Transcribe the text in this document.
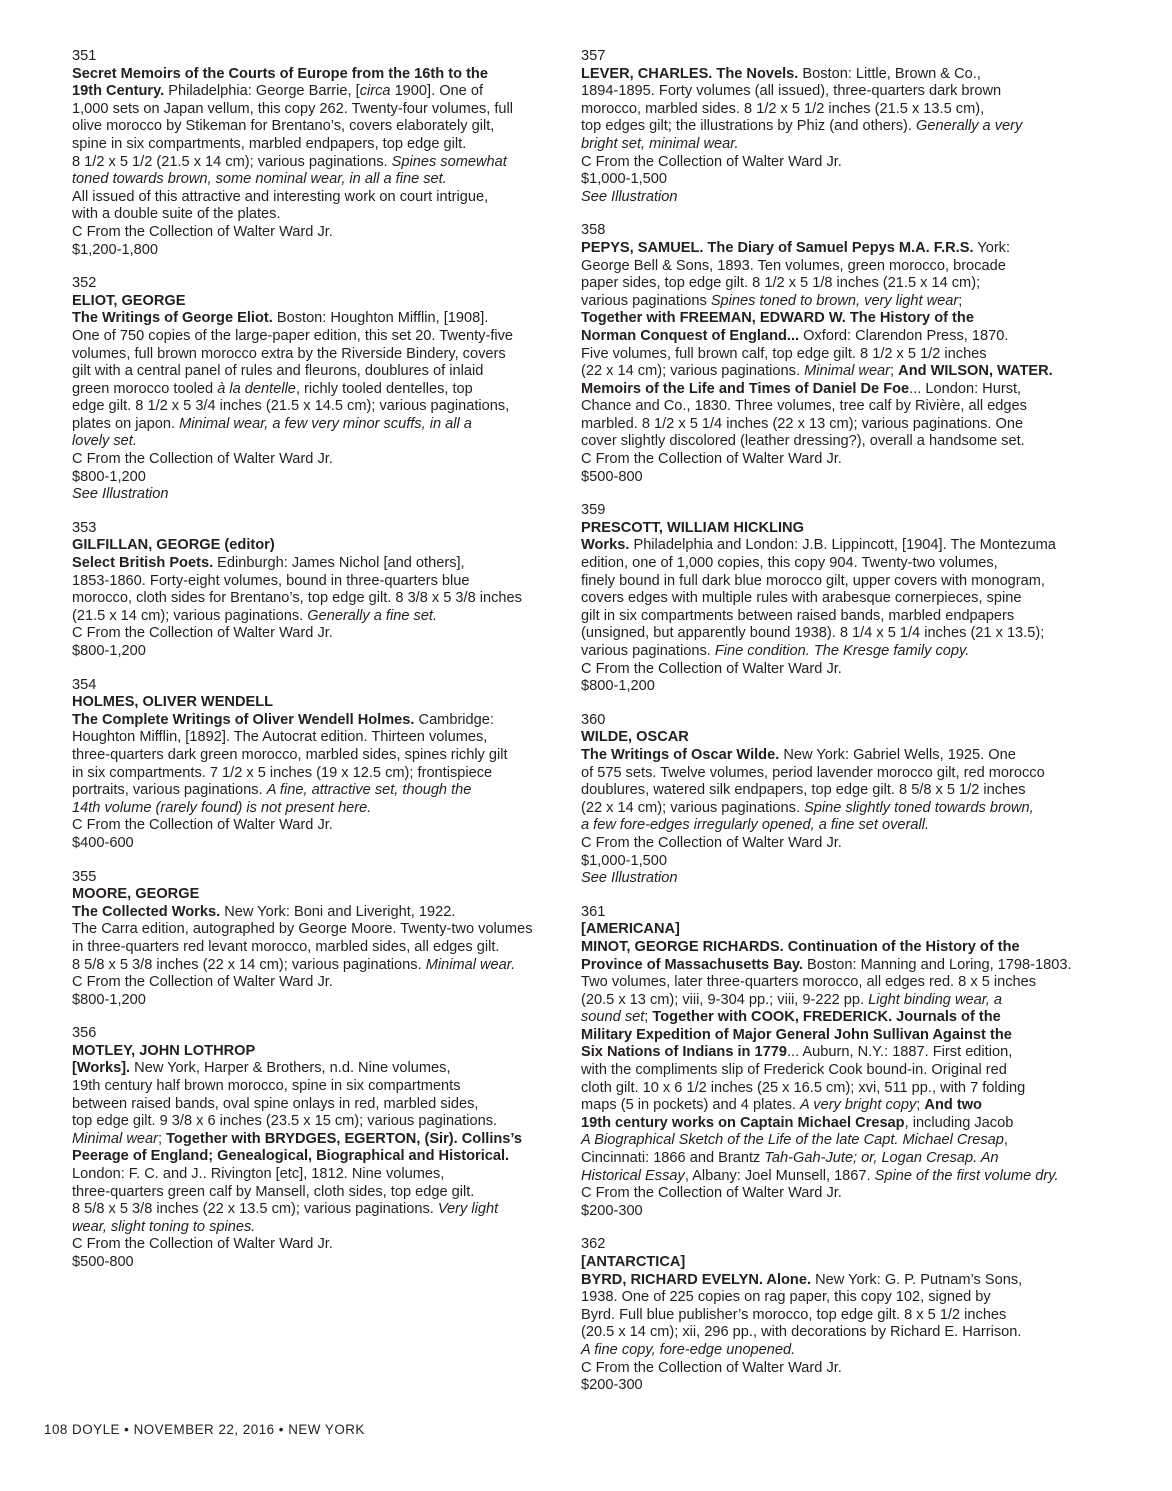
351
Secret Memoirs of the Courts of Europe from the 16th to the
19th Century. Philadelphia: George Barrie, [circa 1900]. One of
1,000 sets on Japan vellum, this copy 262. Twenty-four volumes, full
olive morocco by Stikeman for Brentano’s, covers elaborately gilt,
spine in six compartments, marbled endpapers, top edge gilt.
8 1/2 x 5 1/2 (21.5 x 14 cm); various paginations. Spines somewhat
toned towards brown, some nominal wear, in all a fine set.
All issued of this attractive and interesting work on court intrigue,
with a double suite of the plates.
C From the Collection of Walter Ward Jr.
$1,200-1,800
352
ELIOT, GEORGE
The Writings of George Eliot. Boston: Houghton Mifflin, [1908].
One of 750 copies of the large-paper edition, this set 20. Twenty-five
volumes, full brown morocco extra by the Riverside Bindery, covers
gilt with a central panel of rules and fleurons, doublures of inlaid
green morocco tooled à la dentelle, richly tooled dentelles, top
edge gilt. 8 1/2 x 5 3/4 inches (21.5 x 14.5 cm); various paginations,
plates on japon. Minimal wear, a few very minor scuffs, in all a
lovely set.
C From the Collection of Walter Ward Jr.
$800-1,200
See Illustration
353
GILFILLAN, GEORGE (editor)
Select British Poets. Edinburgh: James Nichol [and others],
1853-1860. Forty-eight volumes, bound in three-quarters blue
morocco, cloth sides for Brentano’s, top edge gilt. 8 3/8 x 5 3/8 inches
(21.5 x 14 cm); various paginations. Generally a fine set.
C From the Collection of Walter Ward Jr.
$800-1,200
354
HOLMES, OLIVER WENDELL
The Complete Writings of Oliver Wendell Holmes. Cambridge:
Houghton Mifflin, [1892]. The Autocrat edition. Thirteen volumes,
three-quarters dark green morocco, marbled sides, spines richly gilt
in six compartments. 7 1/2 x 5 inches (19 x 12.5 cm); frontispiece
portraits, various paginations. A fine, attractive set, though the
14th volume (rarely found) is not present here.
C From the Collection of Walter Ward Jr.
$400-600
355
MOORE, GEORGE
The Collected Works. New York: Boni and Liveright, 1922.
The Carra edition, autographed by George Moore. Twenty-two volumes
in three-quarters red levant morocco, marbled sides, all edges gilt.
8 5/8 x 5 3/8 inches (22 x 14 cm); various paginations. Minimal wear.
C From the Collection of Walter Ward Jr.
$800-1,200
356
MOTLEY, JOHN LOTHROP
[Works]. New York, Harper & Brothers, n.d. Nine volumes,
19th century half brown morocco, spine in six compartments
between raised bands, oval spine onlays in red, marbled sides,
top edge gilt. 9 3/8 x 6 inches (23.5 x 15 cm); various paginations.
Minimal wear; Together with BRYDGES, EGERTON, (Sir). Collins’s
Peerage of England; Genealogical, Biographical and Historical.
London: F. C. and J.. Rivington [etc], 1812. Nine volumes,
three-quarters green calf by Mansell, cloth sides, top edge gilt.
8 5/8 x 5 3/8 inches (22 x 13.5 cm); various paginations. Very light
wear, slight toning to spines.
C From the Collection of Walter Ward Jr.
$500-800
357
LEVER, CHARLES. The Novels. Boston: Little, Brown & Co.,
1894-1895. Forty volumes (all issued), three-quarters dark brown
morocco, marbled sides. 8 1/2 x 5 1/2 inches (21.5 x 13.5 cm),
top edges gilt; the illustrations by Phiz (and others). Generally a very
bright set, minimal wear.
C From the Collection of Walter Ward Jr.
$1,000-1,500
See Illustration
358
PEPYS, SAMUEL. The Diary of Samuel Pepys M.A. F.R.S. York:
George Bell & Sons, 1893. Ten volumes, green morocco, brocade
paper sides, top edge gilt. 8 1/2 x 5 1/8 inches (21.5 x 14 cm);
various paginations Spines toned to brown, very light wear;
Together with FREEMAN, EDWARD W. The History of the
Norman Conquest of England... Oxford: Clarendon Press, 1870.
Five volumes, full brown calf, top edge gilt. 8 1/2 x 5 1/2 inches
(22 x 14 cm); various paginations. Minimal wear; And WILSON, WATER.
Memoirs of the Life and Times of Daniel De Foe... London: Hurst,
Chance and Co., 1830. Three volumes, tree calf by Rivière, all edges
marbled. 8 1/2 x 5 1/4 inches (22 x 13 cm); various paginations. One
cover slightly discolored (leather dressing?), overall a handsome set.
C From the Collection of Walter Ward Jr.
$500-800
359
PRESCOTT, WILLIAM HICKLING
Works. Philadelphia and London: J.B. Lippincott, [1904]. The Montezuma
edition, one of 1,000 copies, this copy 904. Twenty-two volumes,
finely bound in full dark blue morocco gilt, upper covers with monogram,
covers edges with multiple rules with arabesque cornerpieces, spine
gilt in six compartments between raised bands, marbled endpapers
(unsigned, but apparently bound 1938). 8 1/4 x 5 1/4 inches (21 x 13.5);
various paginations. Fine condition. The Kresge family copy.
C From the Collection of Walter Ward Jr.
$800-1,200
360
WILDE, OSCAR
The Writings of Oscar Wilde. New York: Gabriel Wells, 1925. One
of 575 sets. Twelve volumes, period lavender morocco gilt, red morocco
doublures, watered silk endpapers, top edge gilt. 8 5/8 x 5 1/2 inches
(22 x 14 cm); various paginations. Spine slightly toned towards brown,
a few fore-edges irregularly opened, a fine set overall.
C From the Collection of Walter Ward Jr.
$1,000-1,500
See Illustration
361
[AMERICANA]
MINOT, GEORGE RICHARDS. Continuation of the History of the
Province of Massachusetts Bay. Boston: Manning and Loring, 1798-1803.
Two volumes, later three-quarters morocco, all edges red. 8 x 5 inches
(20.5 x 13 cm); viii, 9-304 pp.; viii, 9-222 pp. Light binding wear, a
sound set; Together with COOK, FREDERICK. Journals of the
Military Expedition of Major General John Sullivan Against the
Six Nations of Indians in 1779... Auburn, N.Y.: 1887. First edition,
with the compliments slip of Frederick Cook bound-in. Original red
cloth gilt. 10 x 6 1/2 inches (25 x 16.5 cm); xvi, 511 pp., with 7 folding
maps (5 in pockets) and 4 plates. A very bright copy; And two
19th century works on Captain Michael Cresap, including Jacob
A Biographical Sketch of the Life of the late Capt. Michael Cresap,
Cincinnati: 1866 and Brantz Tah-Gah-Jute; or, Logan Cresap. An
Historical Essay, Albany: Joel Munsell, 1867. Spine of the first volume dry.
C From the Collection of Walter Ward Jr.
$200-300
362
[ANTARCTICA]
BYRD, RICHARD EVELYN. Alone. New York: G. P. Putnam’s Sons,
1938. One of 225 copies on rag paper, this copy 102, signed by
Byrd. Full blue publisher’s morocco, top edge gilt. 8 x 5 1/2 inches
(20.5 x 14 cm); xii, 296 pp., with decorations by Richard E. Harrison.
A fine copy, fore-edge unopened.
C From the Collection of Walter Ward Jr.
$200-300
108 DOYLE • NOVEMBER 22, 2016 • NEW YORK
